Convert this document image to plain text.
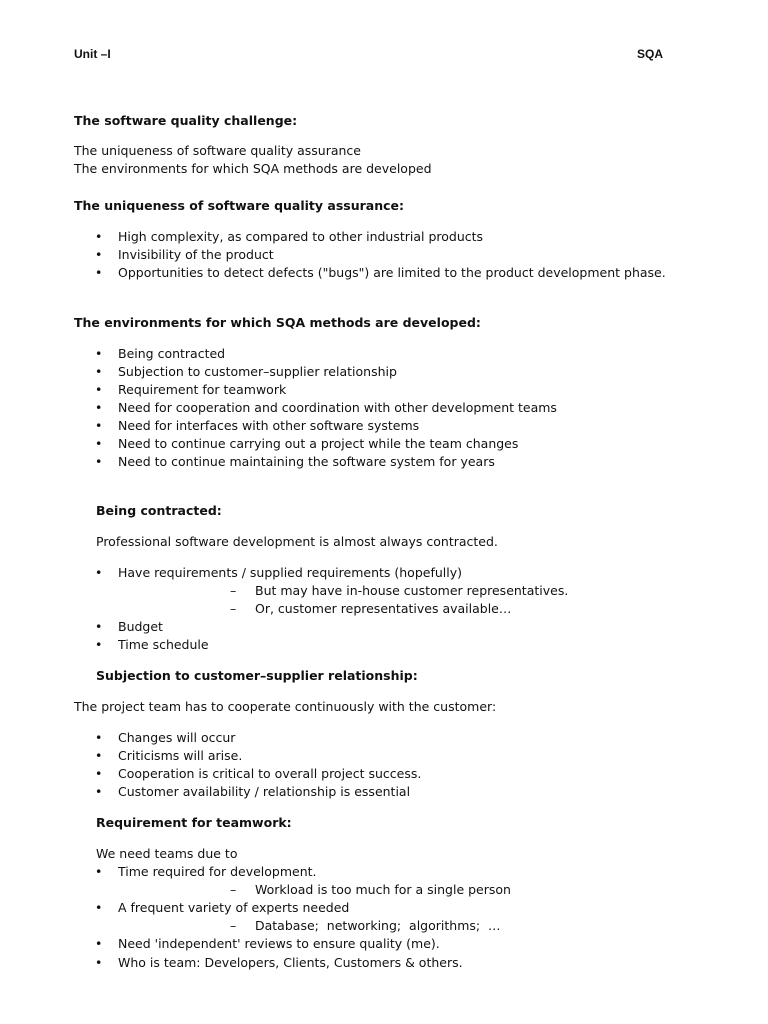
Unit –I	SQA
The software quality challenge:
The uniqueness of software quality assurance
The environments for which SQA methods are developed
The uniqueness of software quality assurance:
• High complexity, as compared to other industrial products
• Invisibility of the product
• Opportunities to detect defects ("bugs") are limited to the product development phase.
The environments for which SQA methods are developed:
• Being contracted
• Subjection to customer–supplier relationship
• Requirement for teamwork
• Need for cooperation and coordination with other development teams
• Need for interfaces with other software systems
• Need to continue carrying out a project while the team changes
• Need to continue maintaining the software system for years
Being contracted:
Professional software development is almost always contracted.
• Have requirements / supplied requirements (hopefully)
– But may have in-house customer representatives.
– Or, customer representatives available…
• Budget
• Time schedule
Subjection to customer–supplier relationship:
The project team has to cooperate continuously with the customer:
• Changes will occur
• Criticisms will arise.
• Cooperation is critical to overall project success.
• Customer availability / relationship is essential
Requirement for teamwork:
We need teams due to
• Time required for development.
– Workload is too much for a single person
• A frequent variety of experts needed
– Database;  networking;  algorithms;  …
• Need 'independent' reviews to ensure quality (me).
• Who is team: Developers, Clients, Customers & others.
